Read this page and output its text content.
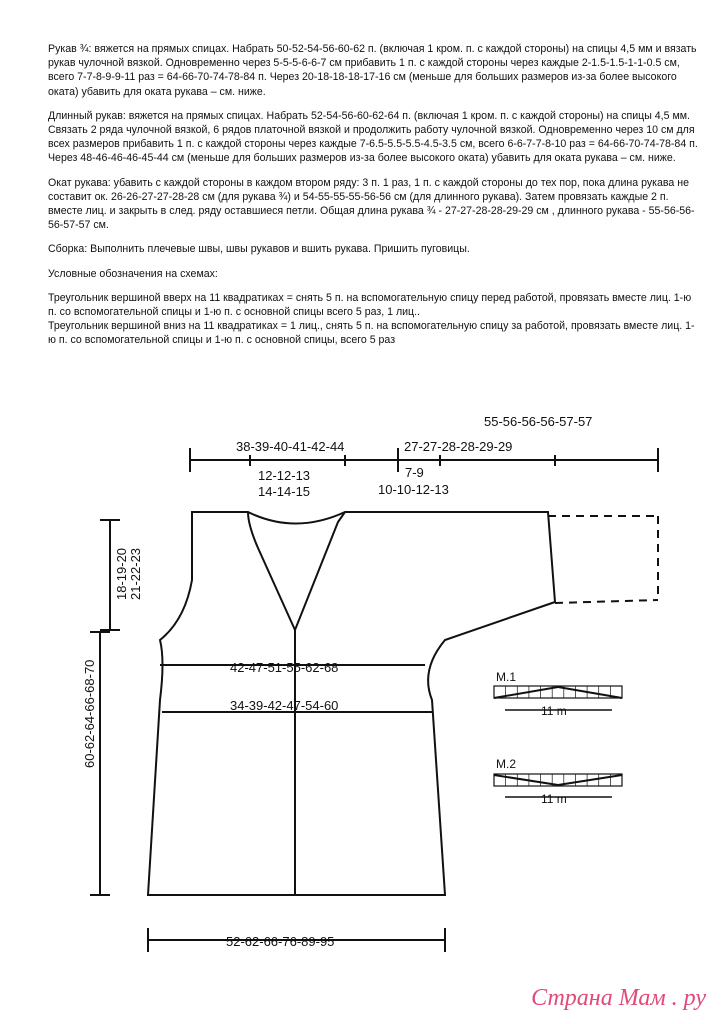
Рукав ¾: вяжется на прямых спицах. Набрать 50-52-54-56-60-62 п. (включая 1 кром. п. с каждой стороны) на спицы 4,5 мм и вязать рукав чулочной вязкой. Одновременно через 5-5-5-6-6-7 см прибавить 1 п. с каждой стороны через каждые 2-1.5-1.5-1-1-0.5 см, всего 7-7-8-9-9-11 раз = 64-66-70-74-78-84 п. Через 20-18-18-18-17-16 см (меньше для больших размеров из-за более высокого оката) убавить для оката рукава – см. ниже.

Длинный рукав: вяжется на прямых спицах. Набрать 52-54-56-60-62-64 п. (включая 1 кром. п. с каждой стороны) на спицы 4,5 мм. Связать 2 ряда чулочной вязкой, 6 рядов платочной вязкой и продолжить работу чулочной вязкой. Одновременно через 10 см для всех размеров прибавить 1 п. с каждой стороны через каждые 7-6.5-5.5-5.5-4.5-3.5 см, всего 6-6-7-7-8-10 раз = 64-66-70-74-78-84 п. Через 48-46-46-46-45-44 см (меньше для больших размеров из-за более высокого оката) убавить для оката рукава – см. ниже.

Окат рукава: убавить с каждой стороны в каждом втором ряду: 3 п. 1 раз, 1 п. с каждой стороны до тех пор, пока длина рукава не составит ок. 26-26-27-27-28-28 см (для рукава ¾) и 54-55-55-55-56-56 см (для длинного рукава). Затем провязать каждые 2 п. вместе лиц. и закрыть в след. ряду оставшиеся петли. Общая длина рукава ¾ - 27-27-28-28-29-29 см , длинного рукава - 55-56-56-56-57-57 см.

Сборка: Выполнить плечевые швы, швы рукавов и вшить рукава. Пришить пуговицы.

Условные обозначения на схемах:

Треугольник вершиной вверх на 11 квадратиках = снять 5 п. на вспомогательную спицу перед работой, провязать вместе лиц. 1-ю п. со вспомогательной спицы и 1-ю п. с основной спицы всего 5 раз, 1 лиц..

Треугольник вершиной вниз на 11 квадратиках = 1 лиц., снять 5 п. на вспомогательную спицу за работой, провязать вместе лиц. 1-ю п. со вспомогательной спицы и 1-ю п. с основной спицы, всего 5 раз

55-56-56-56-57-57
38-39-40-41-42-44	27-27-28-28-29-29
12-12-13
14-14-15
7-9
10-10-12-13
18-19-20 21-22-23
60-62-64-66-68-70	42-47-51-55-62-68
34-39-42-47-54-60
52-62-66-76-89-95
M.1
11 m
M.2
11 m
Страна Мам . ру
